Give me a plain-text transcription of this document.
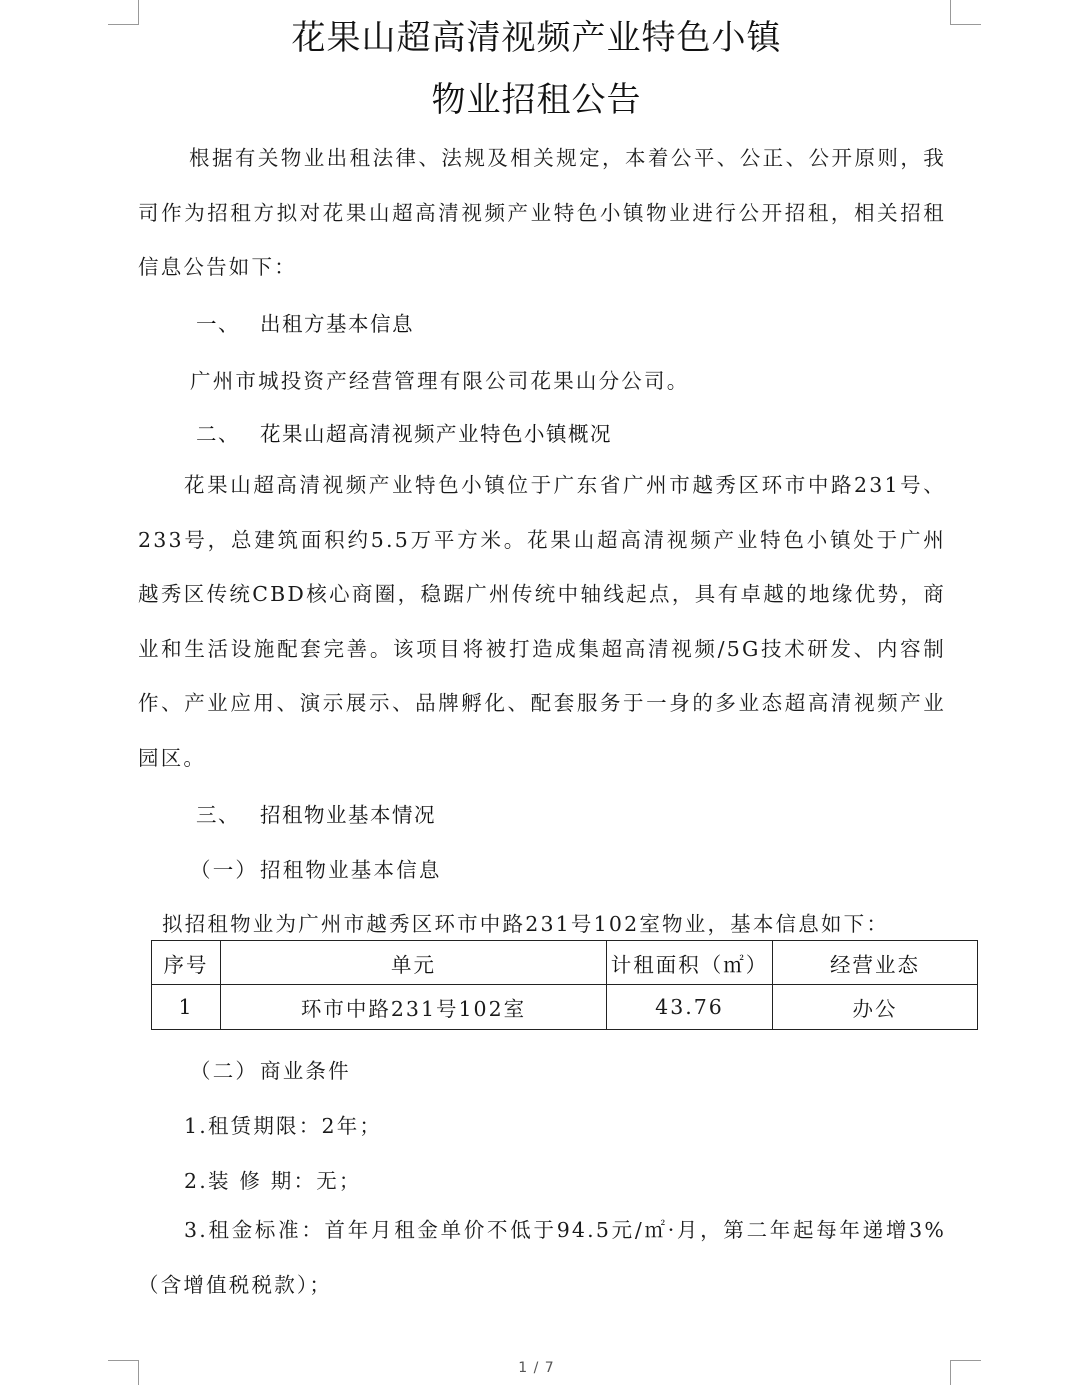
花果山超高清视频产业特色小镇
物业招租公告

根据有关物业出租法律、法规及相关规定，本着公平、公正、公开原则，我司作为招租方拟对花果山超高清视频产业特色小镇物业进行公开招租，相关招租信息公告如下：

一、 出租方基本信息

广州市城投资产经营管理有限公司花果山分公司。

二、 花果山超高清视频产业特色小镇概况

花果山超高清视频产业特色小镇位于广东省广州市越秀区环市中路231号、233号，总建筑面积约5.5万平方米。花果山超高清视频产业特色小镇处于广州越秀区传统CBD核心商圈，稳踞广州传统中轴线起点，具有卓越的地缘优势，商业和生活设施配套完善。该项目将被打造成集超高清视频/5G技术研发、内容制作、产业应用、演示展示、品牌孵化、配套服务于一身的多业态超高清视频产业园区。

三、 招租物业基本情况

（一）招租物业基本信息

拟招租物业为广州市越秀区环市中路231号102室物业，基本信息如下：

序号	单元	计租面积（㎡）	经营业态
1	环市中路231号102室	43.76	办公

（二）商业条件

1.租赁期限：2年；

2.装 修 期：无；

3.租金标准：首年月租金单价不低于94.5元/㎡·月，第二年起每年递增3%（含增值税税款）；

1 / 7
